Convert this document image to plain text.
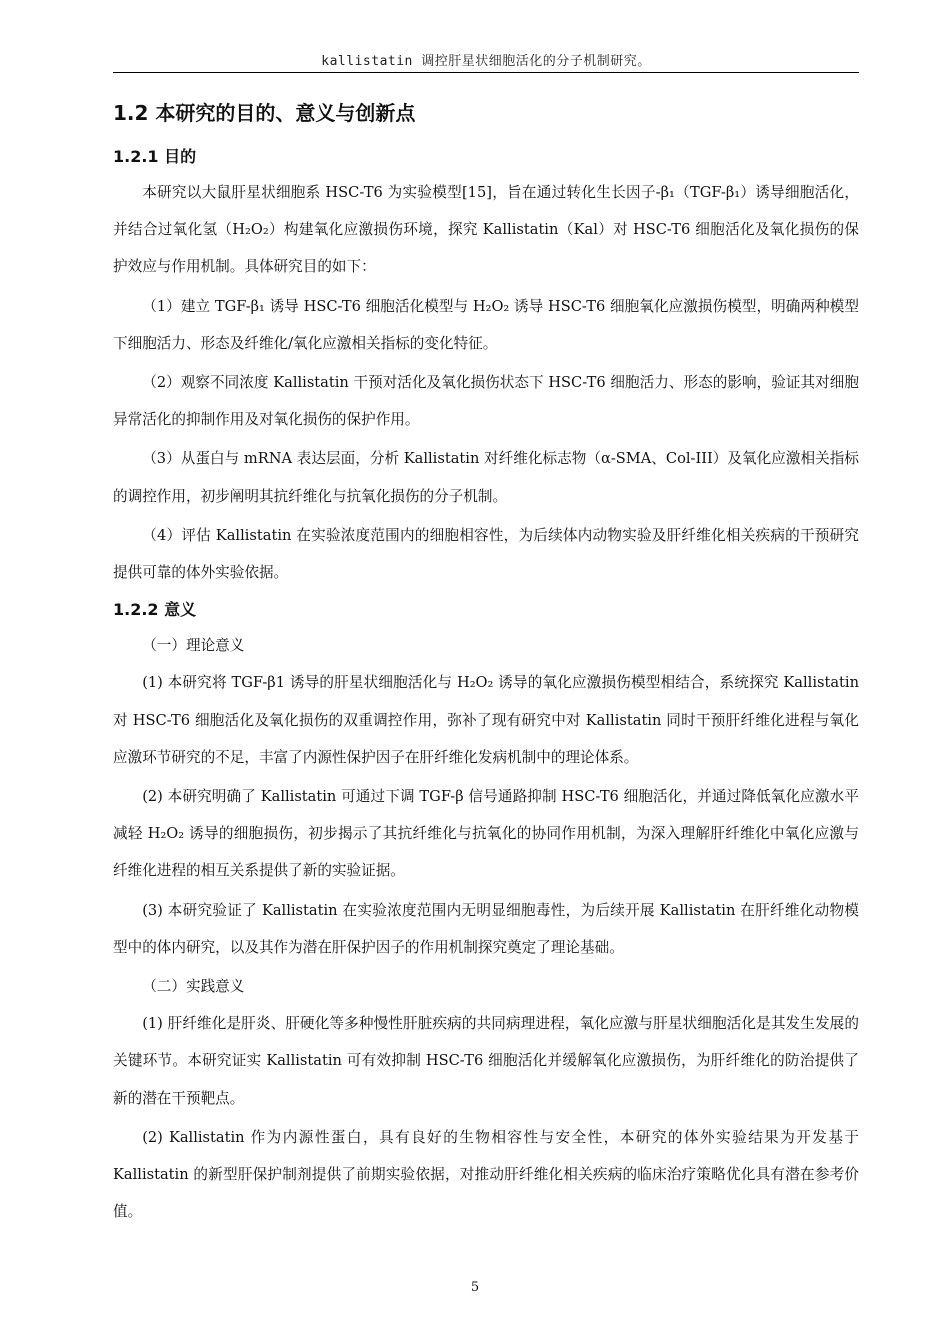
kallistatin 调控肝星状细胞活化的分子机制研究。
1.2 本研究的目的、意义与创新点
1.2.1 目的

本研究以大鼠肝星状细胞系 HSC-T6 为实验模型[15]，旨在通过转化生长因子-β₁（TGF-β₁）诱导细胞活化，并结合过氧化氢（H₂O₂）构建氧化应激损伤环境，探究 Kallistatin（Kal）对 HSC-T6 细胞活化及氧化损伤的保护效应与作用机制。具体研究目的如下：

（1）建立 TGF-β₁ 诱导 HSC-T6 细胞活化模型与 H₂O₂ 诱导 HSC-T6 细胞氧化应激损伤模型，明确两种模型下细胞活力、形态及纤维化/氧化应激相关指标的变化特征。

（2）观察不同浓度 Kallistatin 干预对活化及氧化损伤状态下 HSC-T6 细胞活力、形态的影响，验证其对细胞异常活化的抑制作用及对氧化损伤的保护作用。

（3）从蛋白与 mRNA 表达层面，分析 Kallistatin 对纤维化标志物（α-SMA、Col-III）及氧化应激相关指标的调控作用，初步阐明其抗纤维化与抗氧化损伤的分子机制。

（4）评估 Kallistatin 在实验浓度范围内的细胞相容性，为后续体内动物实验及肝纤维化相关疾病的干预研究提供可靠的体外实验依据。

1.2.2 意义

（一）理论意义

(1) 本研究将 TGF-β1 诱导的肝星状细胞活化与 H₂O₂ 诱导的氧化应激损伤模型相结合，系统探究 Kallistatin 对 HSC-T6 细胞活化及氧化损伤的双重调控作用，弥补了现有研究中对 Kallistatin 同时干预肝纤维化进程与氧化应激环节研究的不足，丰富了内源性保护因子在肝纤维化发病机制中的理论体系。

(2) 本研究明确了 Kallistatin 可通过下调 TGF-β 信号通路抑制 HSC-T6 细胞活化，并通过降低氧化应激水平减轻 H₂O₂ 诱导的细胞损伤，初步揭示了其抗纤维化与抗氧化的协同作用机制，为深入理解肝纤维化中氧化应激与纤维化进程的相互关系提供了新的实验证据。

(3) 本研究验证了 Kallistatin 在实验浓度范围内无明显细胞毒性，为后续开展 Kallistatin 在肝纤维化动物模型中的体内研究，以及其作为潜在肝保护因子的作用机制探究奠定了理论基础。

（二）实践意义

(1) 肝纤维化是肝炎、肝硬化等多种慢性肝脏疾病的共同病理进程，氧化应激与肝星状细胞活化是其发生发展的关键环节。本研究证实 Kallistatin 可有效抑制 HSC-T6 细胞活化并缓解氧化应激损伤，为肝纤维化的防治提供了新的潜在干预靶点。

(2) Kallistatin 作为内源性蛋白，具有良好的生物相容性与安全性，本研究的体外实验结果为开发基于 Kallistatin 的新型肝保护制剂提供了前期实验依据，对推动肝纤维化相关疾病的临床治疗策略优化具有潜在参考价值。

5
